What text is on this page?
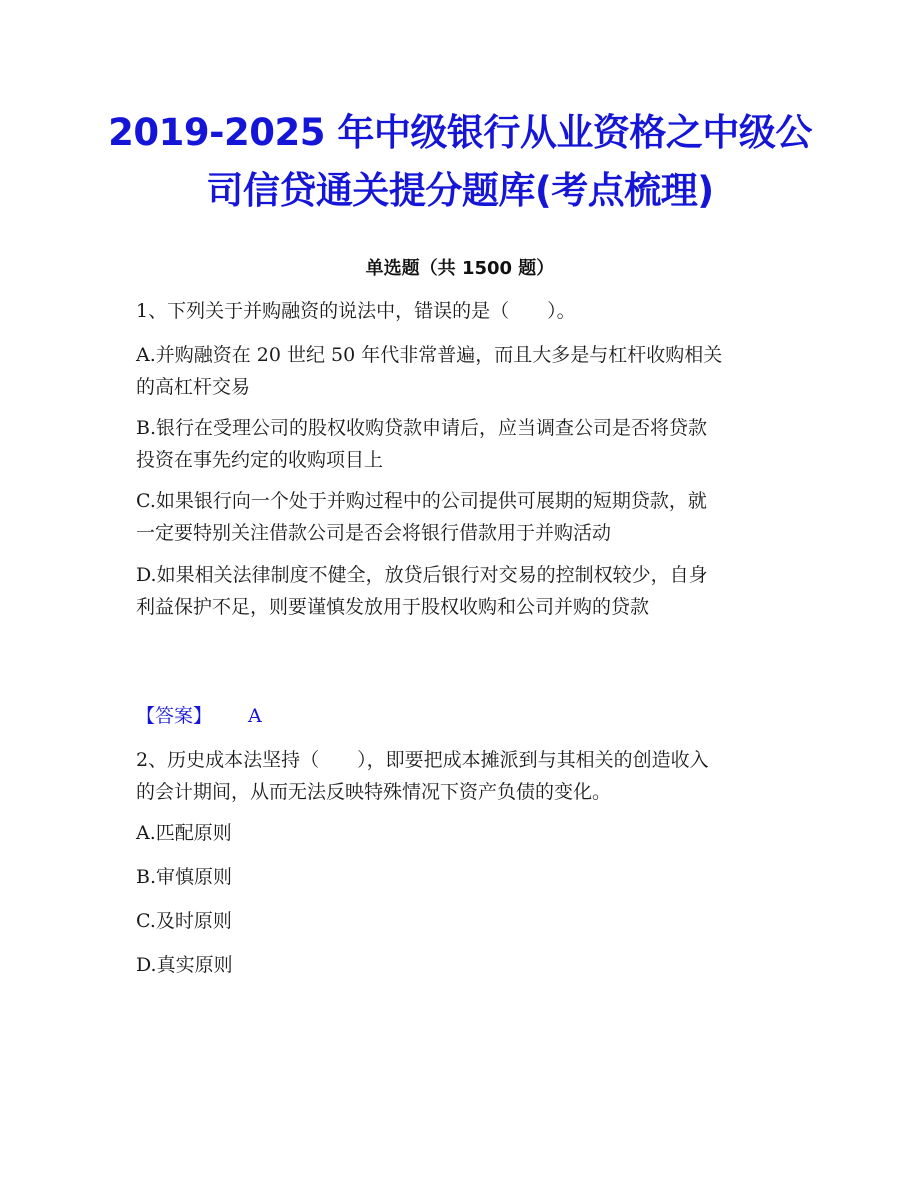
2019-2025 年中级银行从业资格之中级公
司信贷通关提分题库(考点梳理)
单选题（共 1500 题）
1、下列关于并购融资的说法中，错误的是（　　）。
A.并购融资在 20 世纪 50 年代非常普遍，而且大多是与杠杆收购相关
的高杠杆交易
B.银行在受理公司的股权收购贷款申请后，应当调查公司是否将贷款
投资在事先约定的收购项目上
C.如果银行向一个处于并购过程中的公司提供可展期的短期贷款，就
一定要特别关注借款公司是否会将银行借款用于并购活动
D.如果相关法律制度不健全，放贷后银行对交易的控制权较少，自身
利益保护不足，则要谨慎发放用于股权收购和公司并购的贷款
【答案】 A
2、历史成本法坚持（　　），即要把成本摊派到与其相关的创造收入
的会计期间，从而无法反映特殊情况下资产负债的变化。
A.匹配原则
B.审慎原则
C.及时原则
D.真实原则
